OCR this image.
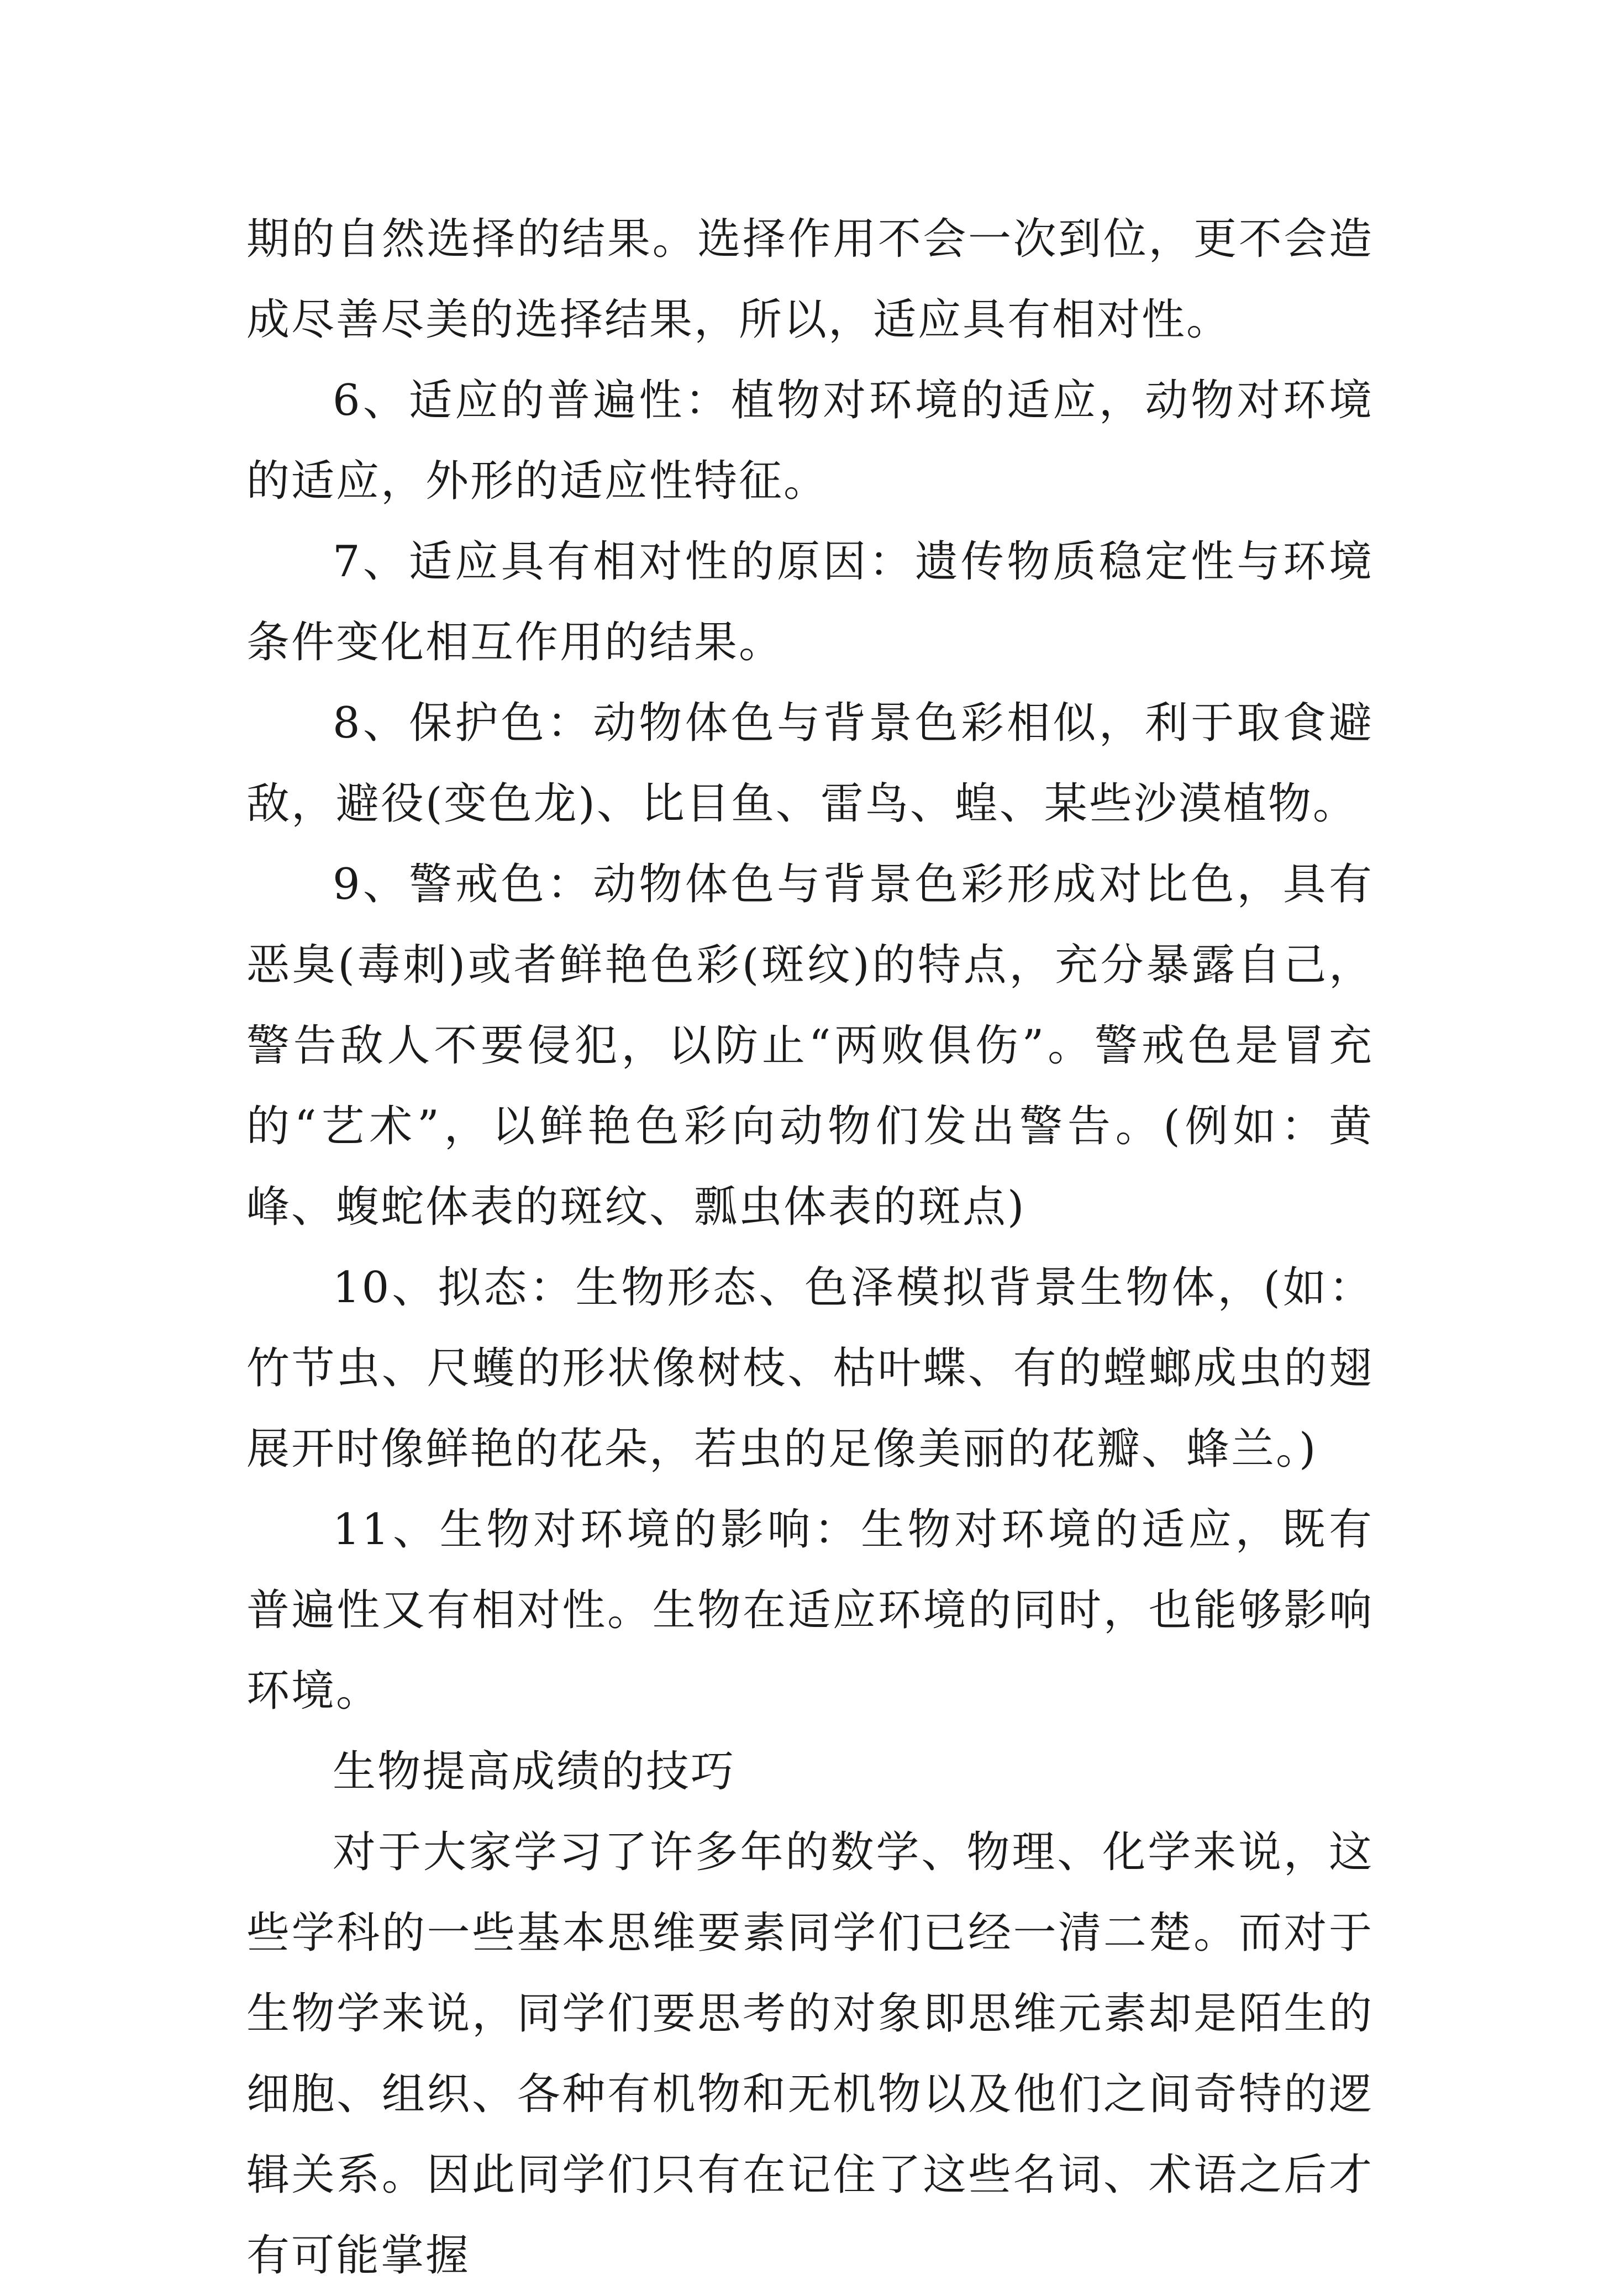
期的自然选择的结果。选择作用不会一次到位，更不会造成尽善尽美的选择结果，所以，适应具有相对性。

6、适应的普遍性：植物对环境的适应，动物对环境的适应，外形的适应性特征。

7、适应具有相对性的原因：遗传物质稳定性与环境条件变化相互作用的结果。

8、保护色：动物体色与背景色彩相似，利于取食避敌，避役(变色龙)、比目鱼、雷鸟、蝗、某些沙漠植物。

9、警戒色：动物体色与背景色彩形成对比色，具有恶臭(毒刺)或者鲜艳色彩(斑纹)的特点，充分暴露自己，警告敌人不要侵犯，以防止“两败俱伤”。警戒色是冒充的“艺术”，以鲜艳色彩向动物们发出警告。(例如：黄峰、蝮蛇体表的斑纹、瓢虫体表的斑点)

10、拟态：生物形态、色泽模拟背景生物体，(如：竹节虫、尺蠖的形状像树枝、枯叶蝶、有的螳螂成虫的翅展开时像鲜艳的花朵，若虫的足像美丽的花瓣、蜂兰。)

11、生物对环境的影响：生物对环境的适应，既有普遍性又有相对性。生物在适应环境的同时，也能够影响环境。

生物提高成绩的技巧

对于大家学习了许多年的数学、物理、化学来说，这些学科的一些基本思维要素同学们已经一清二楚。而对于生物学来说，同学们要思考的对象即思维元素却是陌生的细胞、组织、各种有机物和无机物以及他们之间奇特的逻辑关系。因此同学们只有在记住了这些名词、术语之后才有可能掌握
